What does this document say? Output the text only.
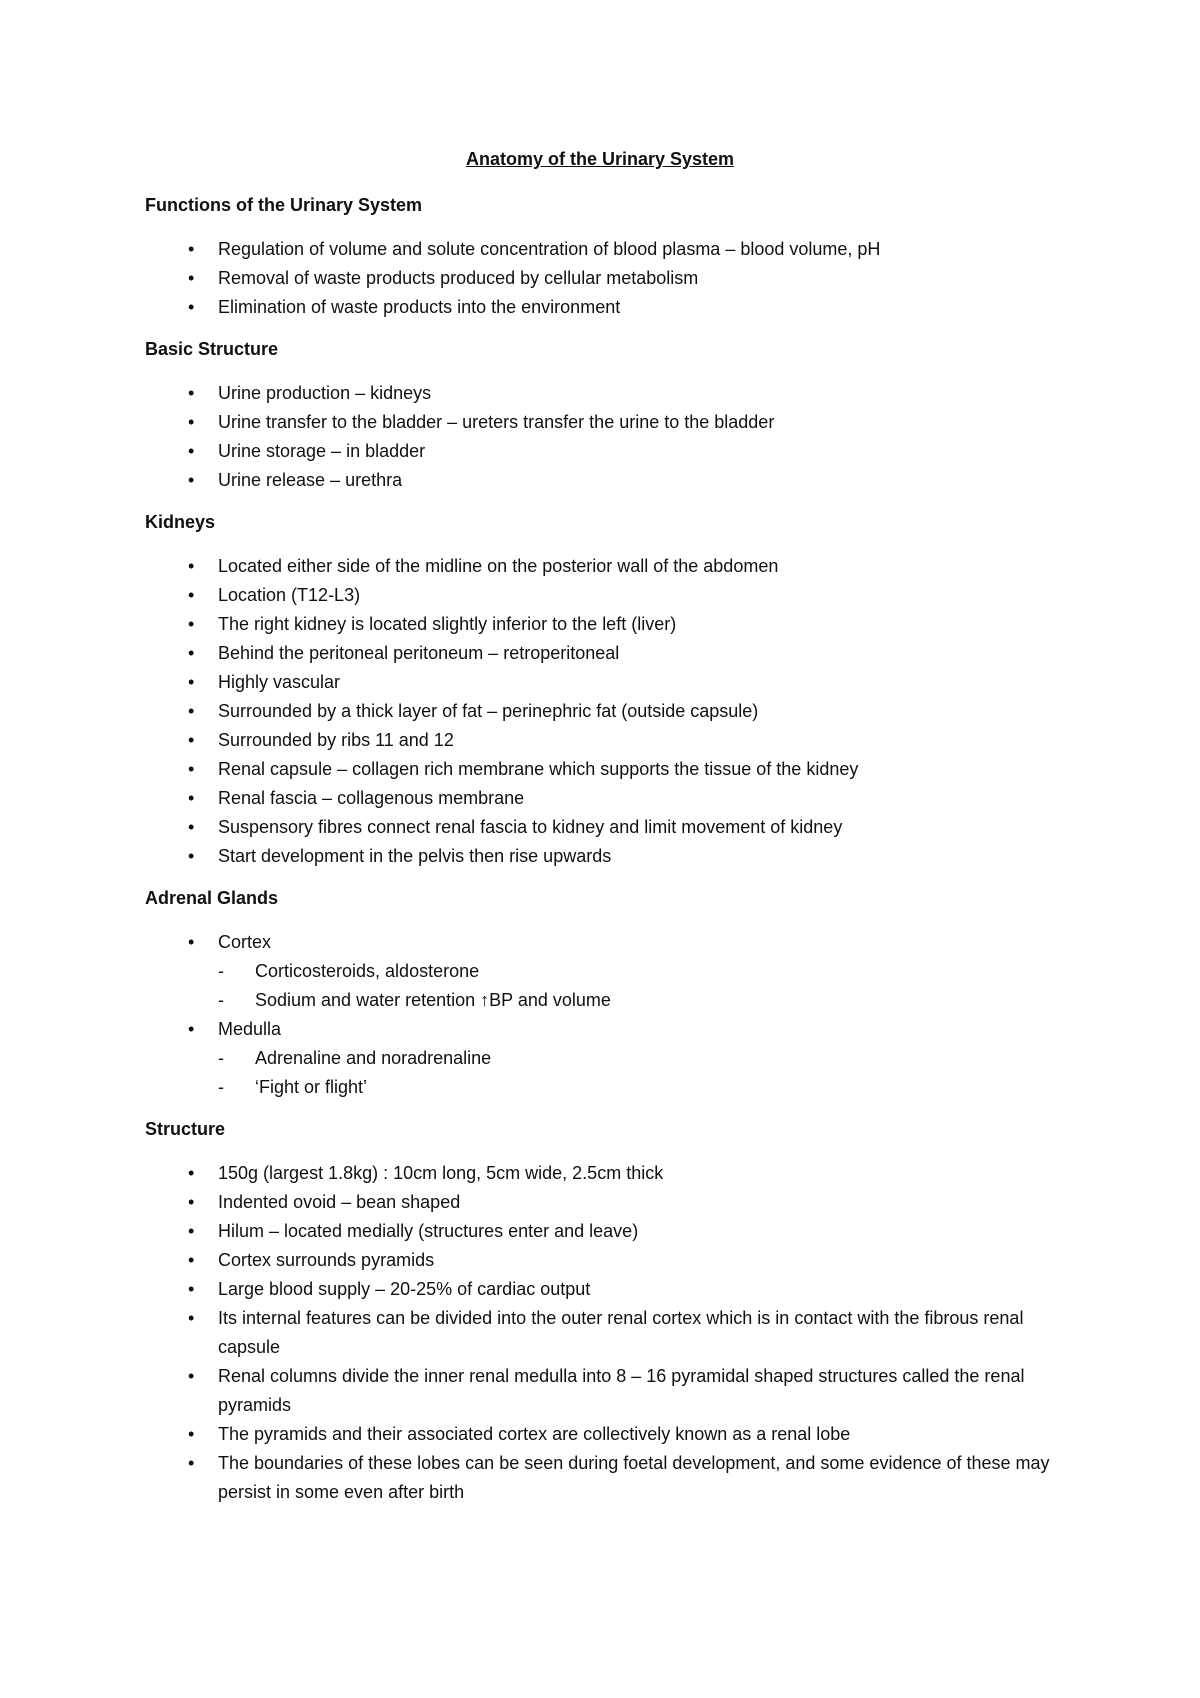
Anatomy of the Urinary System
Functions of the Urinary System
• Regulation of volume and solute concentration of blood plasma – blood volume, pH
• Removal of waste products produced by cellular metabolism
• Elimination of waste products into the environment
Basic Structure
• Urine production – kidneys
• Urine transfer to the bladder – ureters transfer the urine to the bladder
• Urine storage – in bladder
• Urine release – urethra
Kidneys
• Located either side of the midline on the posterior wall of the abdomen
• Location (T12-L3)
• The right kidney is located slightly inferior to the left (liver)
• Behind the peritoneal peritoneum – retroperitoneal
• Highly vascular
• Surrounded by a thick layer of fat – perinephric fat (outside capsule)
• Surrounded by ribs 11 and 12
• Renal capsule – collagen rich membrane which supports the tissue of the kidney
• Renal fascia – collagenous membrane
• Suspensory fibres connect renal fascia to kidney and limit movement of kidney
• Start development in the pelvis then rise upwards
Adrenal Glands
• Cortex
- Corticosteroids, aldosterone
- Sodium and water retention ↑BP and volume
• Medulla
- Adrenaline and noradrenaline
- ‘Fight or flight’
Structure
• 150g (largest 1.8kg) : 10cm long, 5cm wide, 2.5cm thick
• Indented ovoid – bean shaped
• Hilum – located medially (structures enter and leave)
• Cortex surrounds pyramids
• Large blood supply – 20-25% of cardiac output
• Its internal features can be divided into the outer renal cortex which is in contact with the fibrous renal capsule
• Renal columns divide the inner renal medulla into 8 – 16 pyramidal shaped structures called the renal pyramids
• The pyramids and their associated cortex are collectively known as a renal lobe
• The boundaries of these lobes can be seen during foetal development, and some evidence of these may persist in some even after birth
